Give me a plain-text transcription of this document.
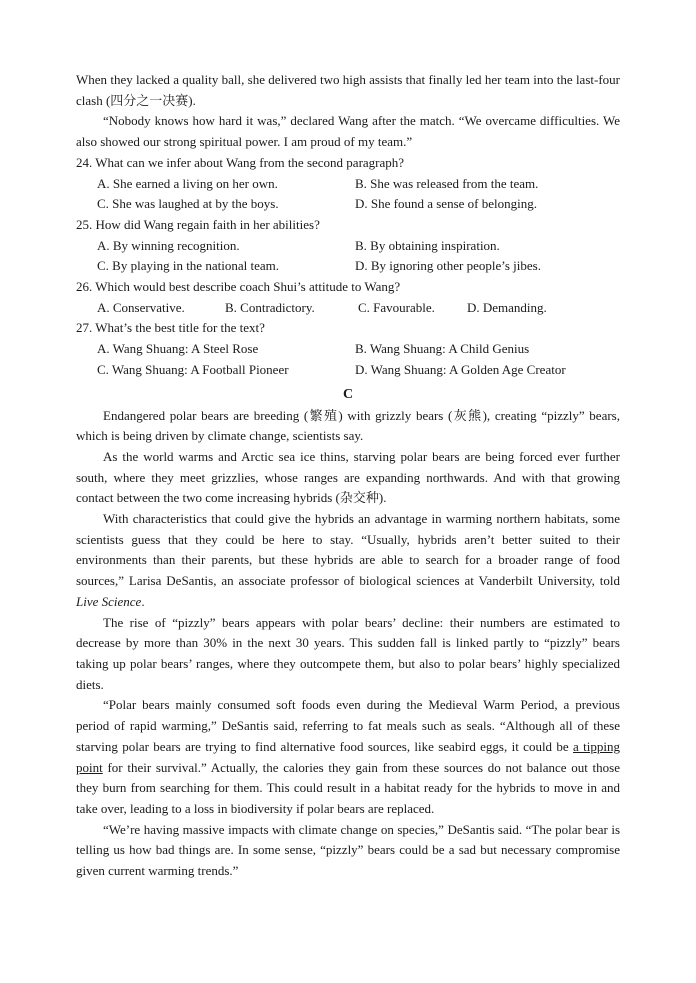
When they lacked a quality ball, she delivered two high assists that finally led her team into the last-four clash (四分之一决赛).

“Nobody knows how hard it was,” declared Wang after the match. “We overcame difficulties. We also showed our strong spiritual power. I am proud of my team.”

24. What can we infer about Wang from the second paragraph?

A. She earned a living on her own.	B. She was released from the team.
C. She was laughed at by the boys.	D. She found a sense of belonging.

25. How did Wang regain faith in her abilities?

A. By winning recognition.	B. By obtaining inspiration.
C. By playing in the national team.	D. By ignoring other people’s jibes.

26. Which would best describe coach Shui’s attitude to Wang?

A. Conservative.	B. Contradictory.	C. Favourable.	D. Demanding.

27. What’s the best title for the text?

A. Wang Shuang: A Steel Rose	B. Wang Shuang: A Child Genius
C. Wang Shuang: A Football Pioneer	D. Wang Shuang: A Golden Age Creator
C

Endangered polar bears are breeding (繁殖) with grizzly bears (灰熊), creating “pizzly” bears, which is being driven by climate change, scientists say.

As the world warms and Arctic sea ice thins, starving polar bears are being forced ever further south, where they meet grizzlies, whose ranges are expanding northwards. And with that growing contact between the two come increasing hybrids (杂交种).

With characteristics that could give the hybrids an advantage in warming northern habitats, some scientists guess that they could be here to stay. “Usually, hybrids aren’t better suited to their environments than their parents, but these hybrids are able to search for a broader range of food sources,” Larisa DeSantis, an associate professor of biological sciences at Vanderbilt University, told Live Science.

The rise of “pizzly” bears appears with polar bears’ decline: their numbers are estimated to decrease by more than 30% in the next 30 years. This sudden fall is linked partly to “pizzly” bears taking up polar bears’ ranges, where they outcompete them, but also to polar bears’ highly specialized diets.

“Polar bears mainly consumed soft foods even during the Medieval Warm Period, a previous period of rapid warming,” DeSantis said, referring to fat meals such as seals. “Although all of these starving polar bears are trying to find alternative food sources, like seabird eggs, it could be a tipping point for their survival.” Actually, the calories they gain from these sources do not balance out those they burn from searching for them. This could result in a habitat ready for the hybrids to move in and take over, leading to a loss in biodiversity if polar bears are replaced.

“We’re having massive impacts with climate change on species,” DeSantis said. “The polar bear is telling us how bad things are. In some sense, “pizzly” bears could be a sad but necessary compromise given current warming trends.”
